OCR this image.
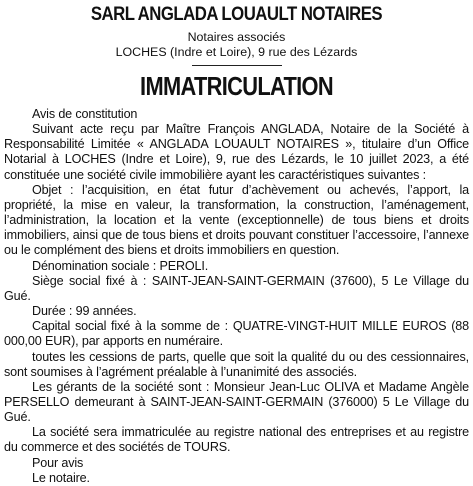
SARL ANGLADA LOUAULT NOTAIRES
Notaires associés
LOCHES (Indre et Loire), 9 rue des Lézards
IMMATRICULATION

Avis de constitution

Suivant acte reçu par Maître François ANGLADA, Notaire de la Société à Responsabilité Limitée « ANGLADA LOUAULT NOTAIRES », titulaire d’un Office Notarial à LOCHES (Indre et Loire), 9, rue des Lézards, le 10 juillet 2023, a été constituée une société civile immobilière ayant les caractéristiques suivantes :

Objet : l’acquisition, en état futur d’achèvement ou achevés, l’apport, la propriété, la mise en valeur, la transformation, la construction, l’aménagement, l’administration, la location et la vente (exceptionnelle) de tous biens et droits immobiliers, ainsi que de tous biens et droits pouvant constituer l’accessoire, l’annexe ou le complément des biens et droits immobiliers en question.

Dénomination sociale : PEROLI.

Siège social fixé à : SAINT-JEAN-SAINT-GERMAIN (37600), 5 Le Village du Gué.

Durée : 99 années.

Capital social fixé à la somme de : QUATRE-VINGT-HUIT MILLE EUROS (88 000,00 EUR), par apports en numéraire.

toutes les cessions de parts, quelle que soit la qualité du ou des cessionnaires, sont soumises à l’agrément préalable à l’unanimité des associés.

Les gérants de la société sont : Monsieur Jean-Luc OLIVA et Madame Angèle PERSELLO demeurant à SAINT-JEAN-SAINT-GERMAIN (376000) 5 Le Village du Gué.

La société sera immatriculée au registre national des entreprises et au registre du commerce et des sociétés de TOURS.

Pour avis

Le notaire.
